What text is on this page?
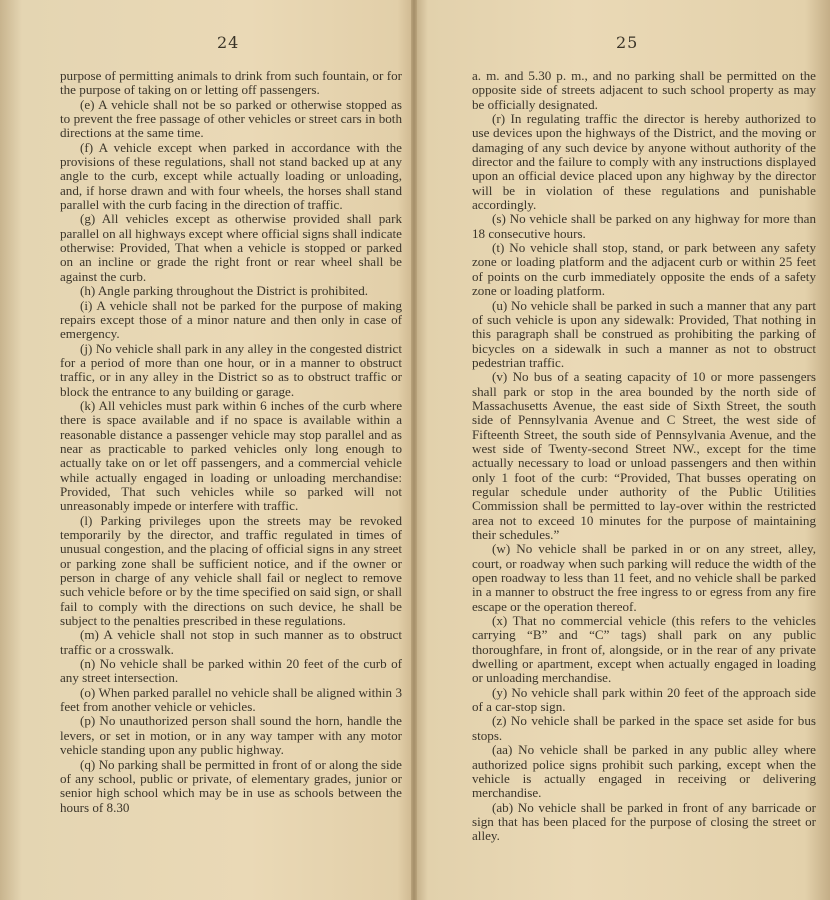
24

purpose of permitting animals to drink from such fountain, or for the purpose of taking on or letting off passengers.

(e) A vehicle shall not be so parked or otherwise stopped as to prevent the free passage of other vehicles or street cars in both directions at the same time.

(f) A vehicle except when parked in accordance with the provisions of these regulations, shall not stand backed up at any angle to the curb, except while actually loading or unloading, and, if horse drawn and with four wheels, the horses shall stand parallel with the curb facing in the direction of traffic.

(g) All vehicles except as otherwise provided shall park parallel on all highways except where official signs shall indicate otherwise: Provided, That when a vehicle is stopped or parked on an incline or grade the right front or rear wheel shall be against the curb.

(h) Angle parking throughout the District is prohibited.

(i) A vehicle shall not be parked for the purpose of making repairs except those of a minor nature and then only in case of emergency.

(j) No vehicle shall park in any alley in the congested district for a period of more than one hour, or in a manner to obstruct traffic, or in any alley in the District so as to obstruct traffic or block the entrance to any building or garage.

(k) All vehicles must park within 6 inches of the curb where there is space available and if no space is available within a reasonable distance a passenger vehicle may stop parallel and as near as practicable to parked vehicles only long enough to actually take on or let off passengers, and a commercial vehicle while actually engaged in loading or unloading merchandise: Provided, That such vehicles while so parked will not unreasonably impede or interfere with traffic.

(l) Parking privileges upon the streets may be revoked temporarily by the director, and traffic regulated in times of unusual congestion, and the placing of official signs in any street or parking zone shall be sufficient notice, and if the owner or person in charge of any vehicle shall fail or neglect to remove such vehicle before or by the time specified on said sign, or shall fail to comply with the directions on such device, he shall be subject to the penalties prescribed in these regulations.

(m) A vehicle shall not stop in such manner as to obstruct traffic or a crosswalk.

(n) No vehicle shall be parked within 20 feet of the curb of any street intersection.

(o) When parked parallel no vehicle shall be aligned within 3 feet from another vehicle or vehicles.

(p) No unauthorized person shall sound the horn, handle the levers, or set in motion, or in any way tamper with any motor vehicle standing upon any public highway.

(q) No parking shall be permitted in front of or along the side of any school, public or private, of elementary grades, junior or senior high school which may be in use as schools between the hours of 8.30

25

a. m. and 5.30 p. m., and no parking shall be permitted on the opposite side of streets adjacent to such school property as may be officially designated.

(r) In regulating traffic the director is hereby authorized to use devices upon the highways of the District, and the moving or damaging of any such device by anyone without authority of the director and the failure to comply with any instructions displayed upon an official device placed upon any highway by the director will be in violation of these regulations and punishable accordingly.

(s) No vehicle shall be parked on any highway for more than 18 consecutive hours.

(t) No vehicle shall stop, stand, or park between any safety zone or loading platform and the adjacent curb or within 25 feet of points on the curb immediately opposite the ends of a safety zone or loading platform.

(u) No vehicle shall be parked in such a manner that any part of such vehicle is upon any sidewalk: Provided, That nothing in this paragraph shall be construed as prohibiting the parking of bicycles on a sidewalk in such a manner as not to obstruct pedestrian traffic.

(v) No bus of a seating capacity of 10 or more passengers shall park or stop in the area bounded by the north side of Massachusetts Avenue, the east side of Sixth Street, the south side of Pennsylvania Avenue and C Street, the west side of Fifteenth Street, the south side of Pennsylvania Avenue, and the west side of Twenty-second Street NW., except for the time actually necessary to load or unload passengers and then within only 1 foot of the curb: “Provided, That busses operating on regular schedule under authority of the Public Utilities Commission shall be permitted to lay-over within the restricted area not to exceed 10 minutes for the purpose of maintaining their schedules.”

(w) No vehicle shall be parked in or on any street, alley, court, or roadway when such parking will reduce the width of the open roadway to less than 11 feet, and no vehicle shall be parked in a manner to obstruct the free ingress to or egress from any fire escape or the operation thereof.

(x) That no commercial vehicle (this refers to the vehicles carrying “B” and “C” tags) shall park on any public thoroughfare, in front of, alongside, or in the rear of any private dwelling or apartment, except when actually engaged in loading or unloading merchandise.

(y) No vehicle shall park within 20 feet of the approach side of a car-stop sign.

(z) No vehicle shall be parked in the space set aside for bus stops.

(aa) No vehicle shall be parked in any public alley where authorized police signs prohibit such parking, except when the vehicle is actually engaged in receiving or delivering merchandise.

(ab) No vehicle shall be parked in front of any barricade or sign that has been placed for the purpose of closing the street or alley.
